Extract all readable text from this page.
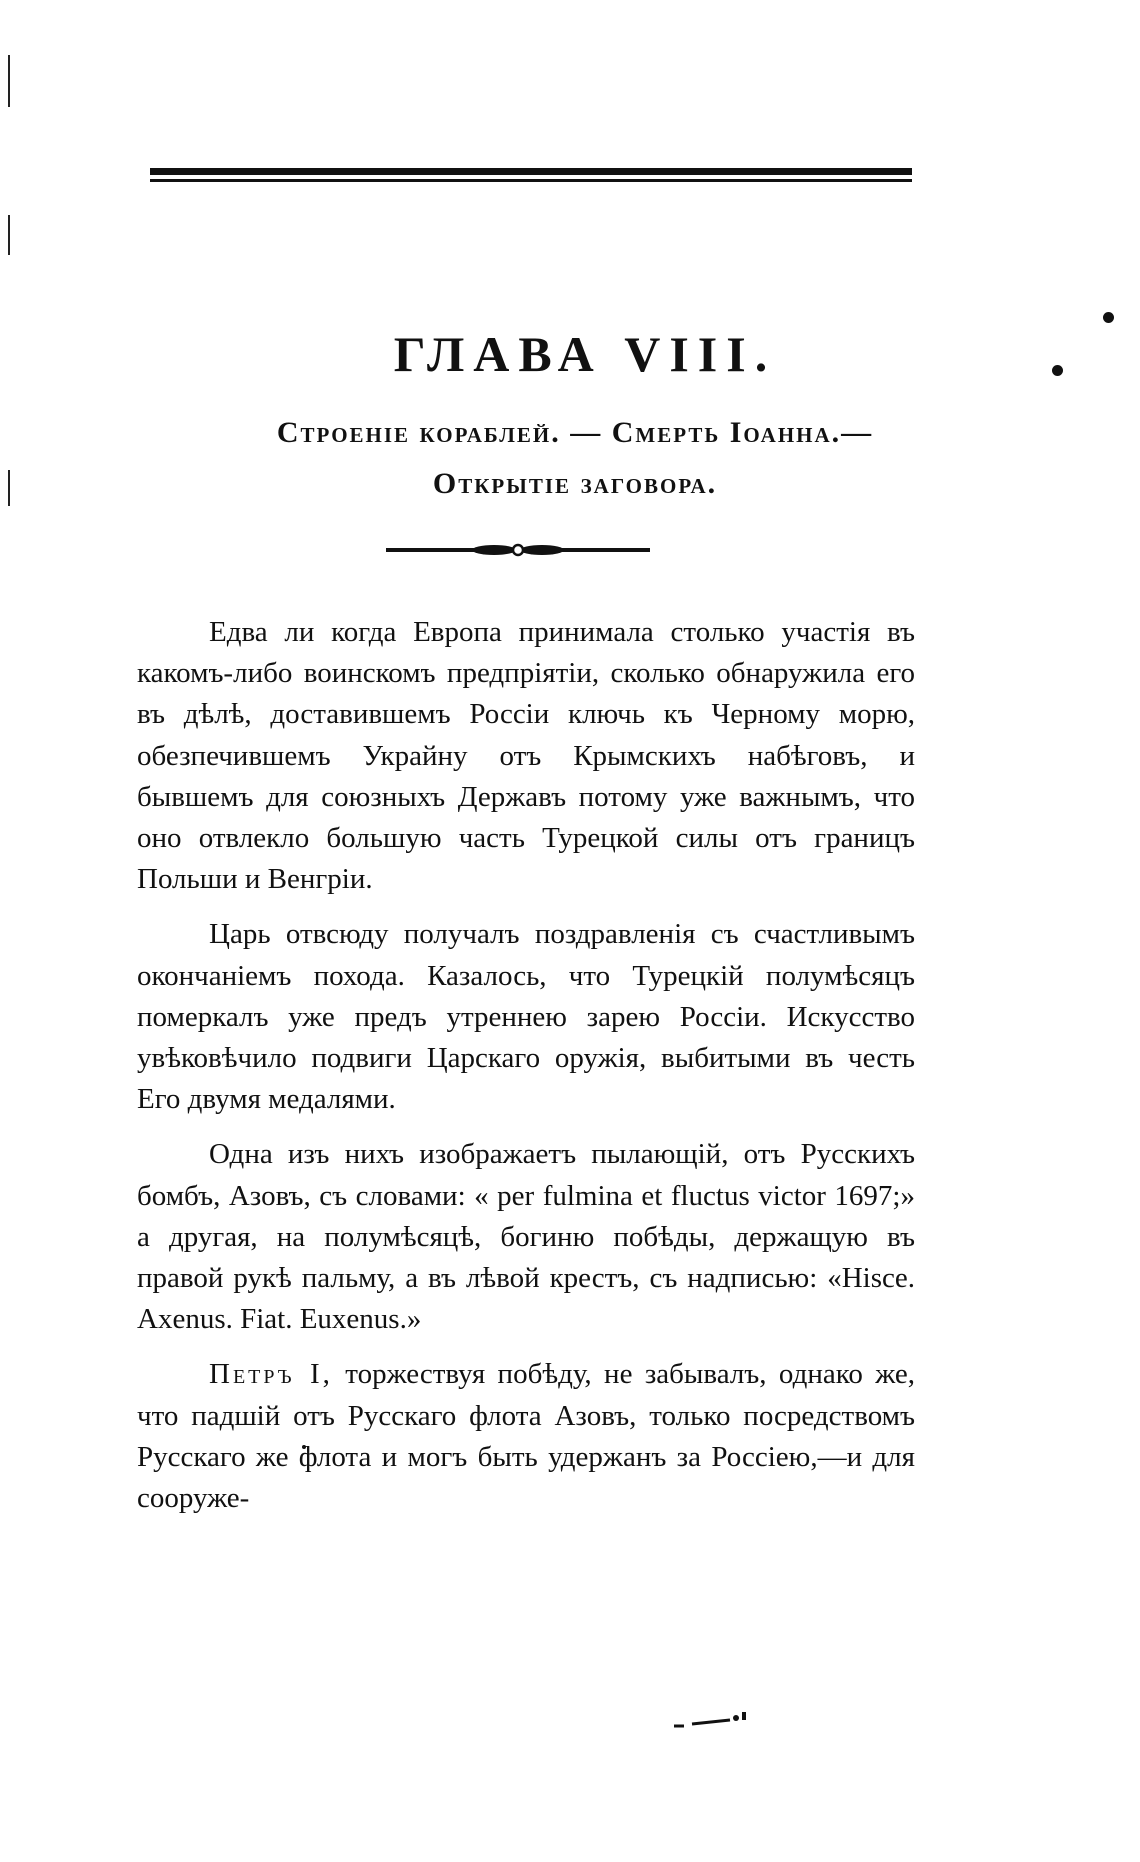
ГЛАВА VIII.
Строеніе кораблей. — Смерть Іоанна.—
Открытіе заговора.

Едва ли когда Европа принимала столько участія въ какомъ-либо воинскомъ предпріятіи, сколько обнаружила его въ дѣлѣ, доставившемъ Россіи ключь къ Черному морю, обезпечившемъ Украйну отъ Крымскихъ набѣговъ, и бывшемъ для союзныхъ Державъ потому уже важнымъ, что оно отвлекло большую часть Турецкой силы отъ границъ Польши и Венгріи.

Царь отвсюду получалъ поздравленія съ счастливымъ окончаніемъ похода. Казалось, что Турецкій полумѣсяцъ померкалъ уже предъ утреннею зарею Россіи. Искусство увѣковѣчило подвиги Царскаго оружія, выбитыми въ честь Его двумя медалями.

Одна изъ нихъ изображаетъ пылающій, отъ Русскихъ бомбъ, Азовъ, съ словами: « per fulmina et fluctus victor 1697;» а другая, на полумѣсяцѣ, богиню побѣды, держащую въ правой рукѣ пальму, а въ лѣвой крестъ, съ надписью: «Hisce. Axenus. Fiat. Euxenus.»

Петръ I, торжествуя побѣду, не забывалъ, однако же, что падшій отъ Русскаго флота Азовъ, только посредствомъ Русскаго же флота и могъ быть удержанъ за Россіею,—и для сооруже-
